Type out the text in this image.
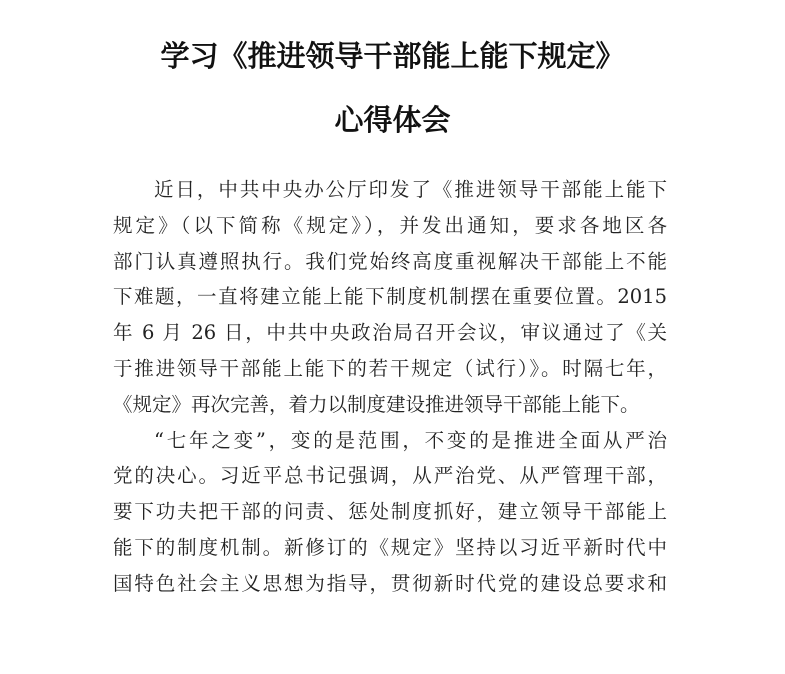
学习《推进领导干部能上能下规定》
心得体会
近日，中共中央办公厅印发了《推进领导干部能上能下
规定》（以下简称《规定》），并发出通知，要求各地区各
部门认真遵照执行。我们党始终高度重视解决干部能上不能
下难题，一直将建立能上能下制度机制摆在重要位置。2015
年 6 月 26 日，中共中央政治局召开会议，审议通过了《关
于推进领导干部能上能下的若干规定（试行）》。时隔七年，
《规定》再次完善，着力以制度建设推进领导干部能上能下。
“七年之变”，变的是范围，不变的是推进全面从严治
党的决心。习近平总书记强调，从严治党、从严管理干部，
要下功夫把干部的问责、惩处制度抓好，建立领导干部能上
能下的制度机制。新修订的《规定》坚持以习近平新时代中
国特色社会主义思想为指导，贯彻新时代党的建设总要求和
